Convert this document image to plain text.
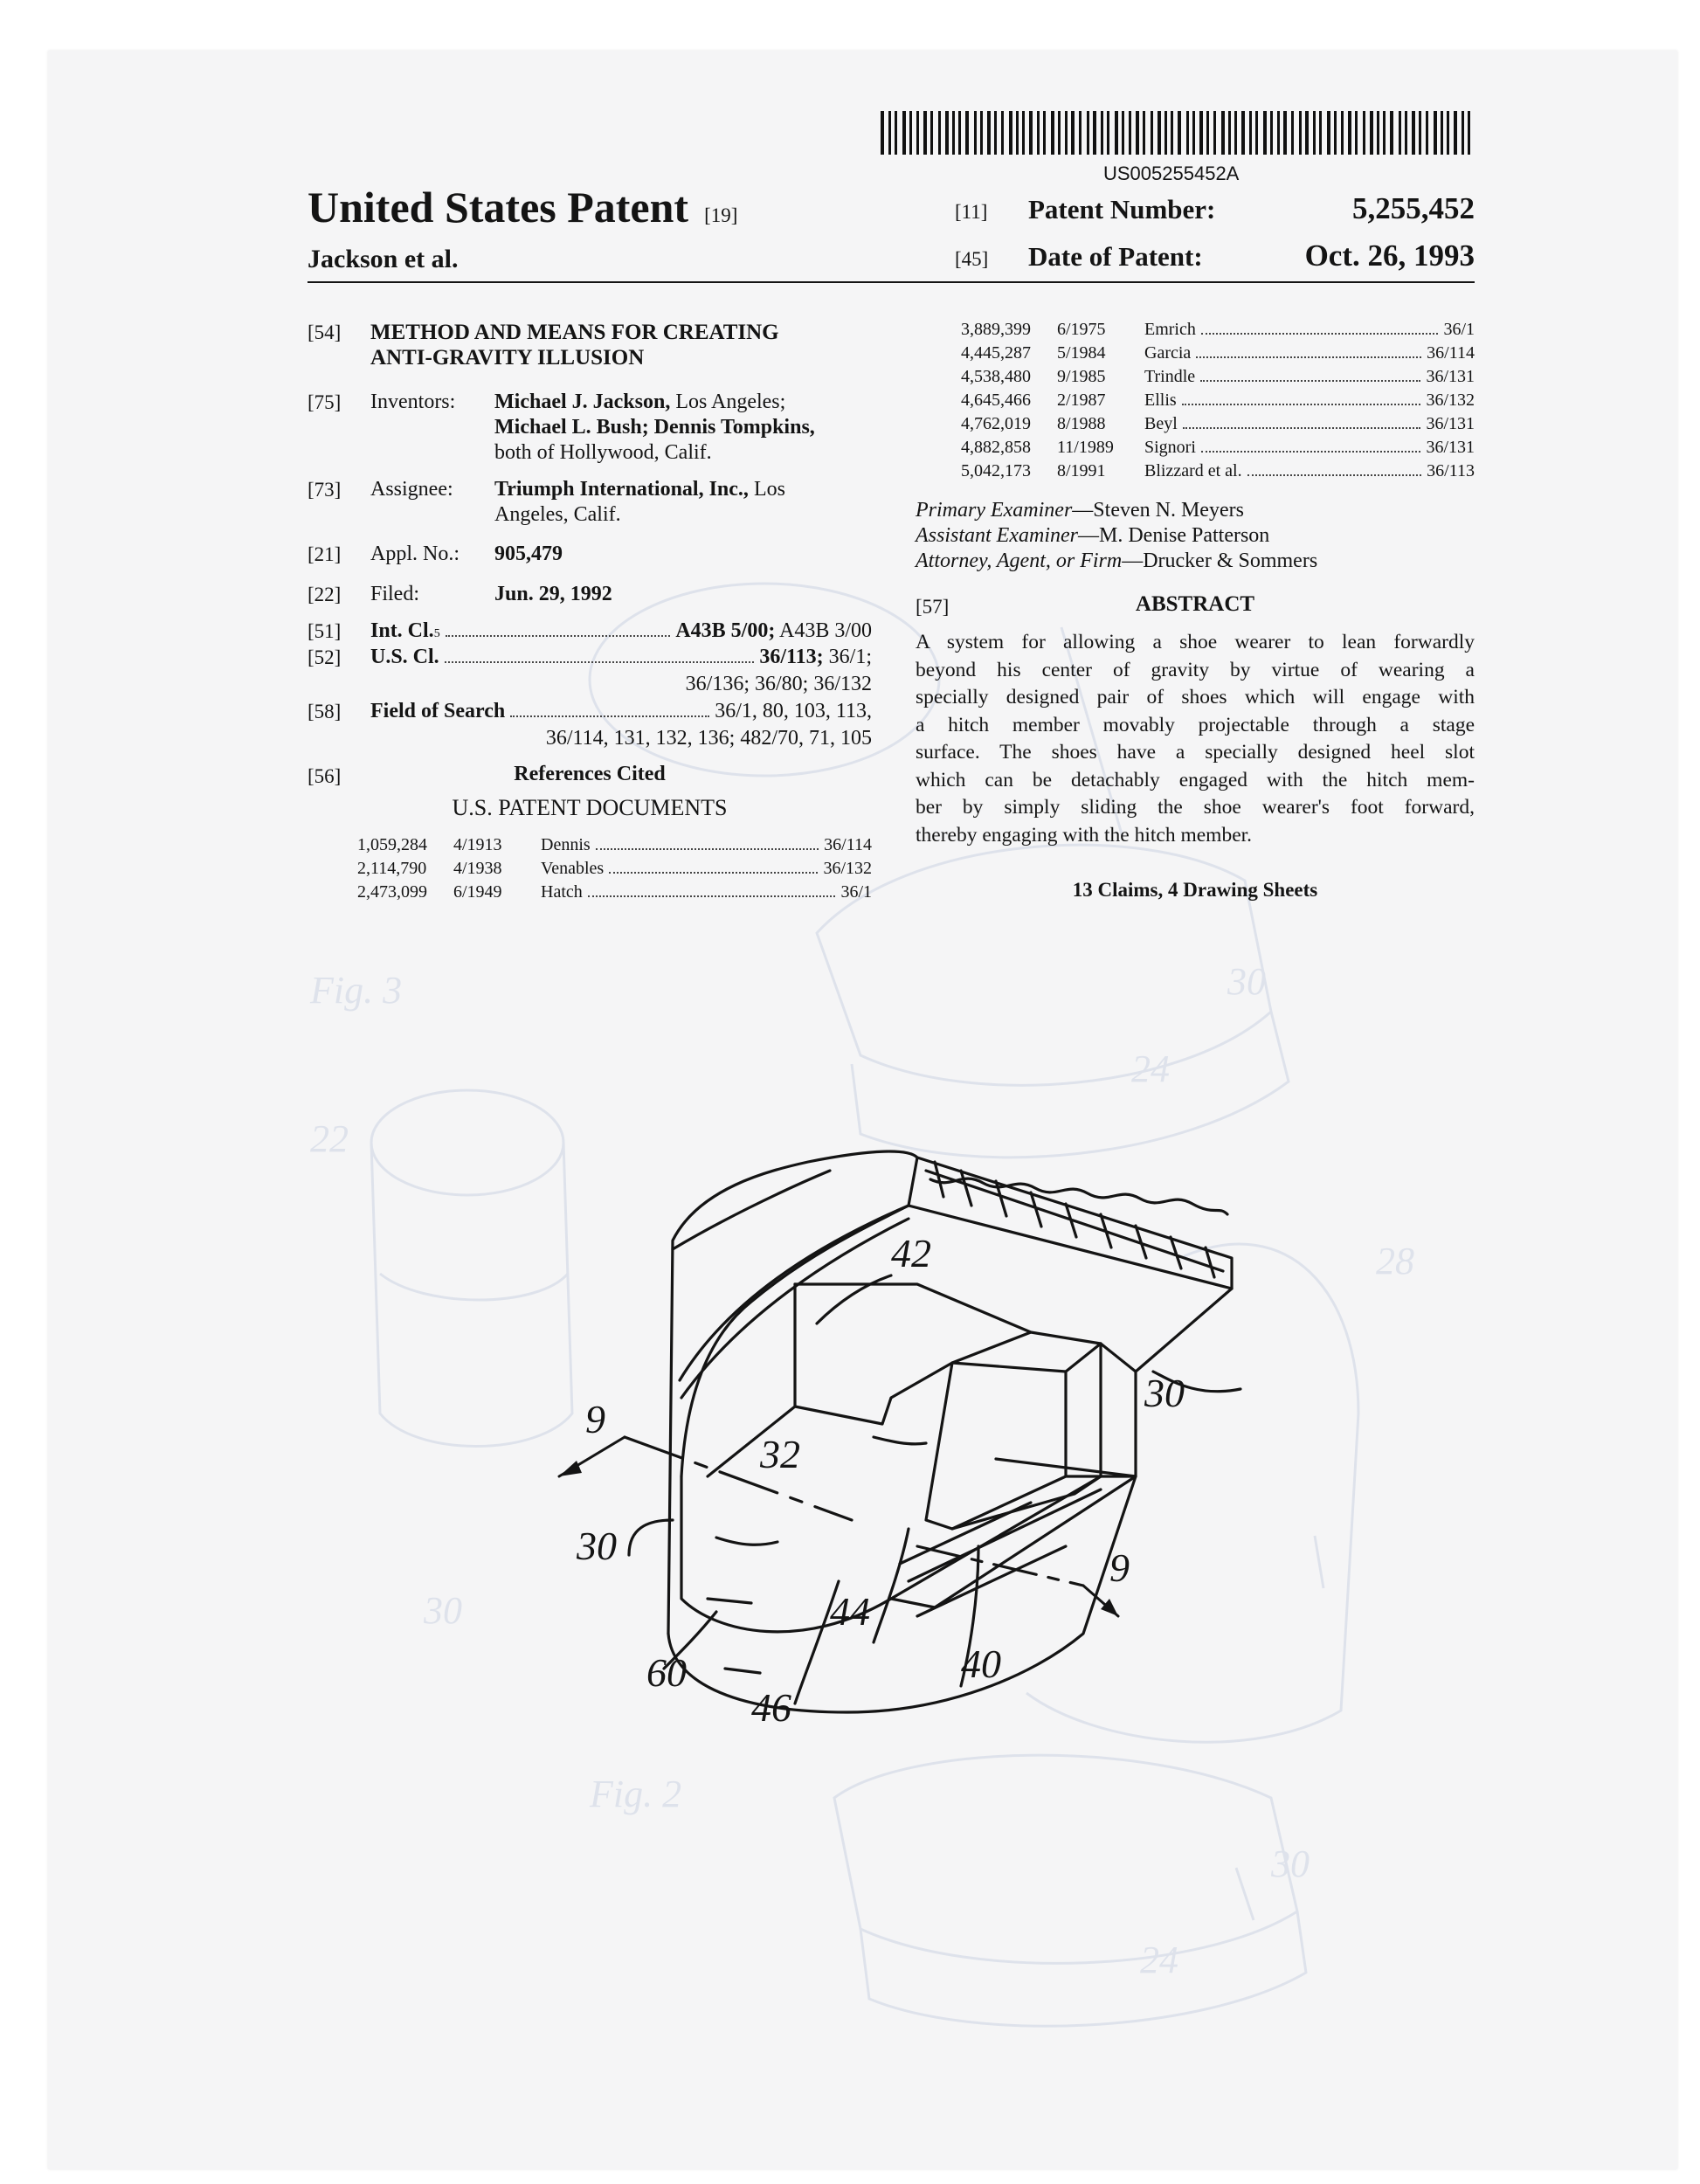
Fig. 3
Fig. 2
30
24
30
30
24
22
28
US005255452A
United States Patent [19]
Jackson et al.
[11] Patent Number:	5,255,452
[45] Date of Patent:	Oct. 26, 1993
[54] METHOD AND MEANS FOR CREATING
ANTI-GRAVITY ILLUSION
[75] Inventors: Michael J. Jackson, Los Angeles;
Michael L. Bush; Dennis Tompkins,
both of Hollywood, Calif.
[73] Assignee: Triumph International, Inc., Los
Angeles, Calif.
[21] Appl. No.: 905,479
[22] Filed:	Jun. 29, 1992
[51] Int. Cl. 5	A43B 5/00; A43B 3/00
[52] U.S. Cl.	36/113; 36/1;
36/136; 36/80; 36/132
[58] Field of Search	36/1, 80, 103, 113,
36/114, 131, 132, 136; 482/70, 71, 105
[56]	References Cited
U.S. PATENT DOCUMENTS
1,059,284	4/1913	Dennis	36/114
2,114,790	4/1938	Venables	36/132
2,473,099	6/1949	Hatch	36/1
3,889,399	6/1975	Emrich	36/1
4,445,287	5/1984	Garcia	36/114
4,538,480	9/1985	Trindle	36/131
4,645,466	2/1987	Ellis	36/132
4,762,019	8/1988	Beyl	36/131
4,882,858	11/1989	Signori	36/131
5,042,173	8/1991	Blizzard et al.	36/113
Primary Examiner—Steven N. Meyers
Assistant Examiner—M. Denise Patterson
Attorney, Agent, or Firm—Drucker & Sommers
[57]	ABSTRACT
A system for allowing a shoe wearer to lean forwardly
beyond his center of gravity by virtue of wearing a
specially designed pair of shoes which will engage with
a hitch member movably projectable through a stage
surface. The shoes have a specially designed heel slot
which can be detachably engaged with the hitch mem-
ber by simply sliding the shoe wearer's foot forward,
thereby engaging with the hitch member.
13 Claims, 4 Drawing Sheets
42
30
9
32
30	9
44
40
60
46
